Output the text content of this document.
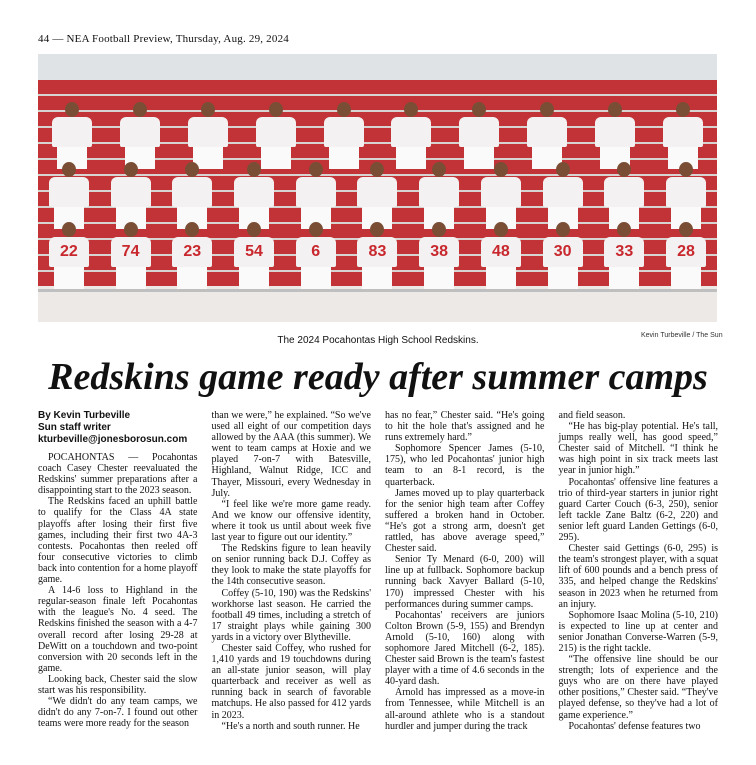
44 — NEA Football Preview, Thursday, Aug. 29, 2024
22	74	23	54	6	83	38	48	30	33	28
Kevin Turbeville / The Sun
The 2024 Pocahontas High School Redskins.
Redskins game ready after summer camps
By Kevin Turbeville
Sun staff writer
kturbeville@jonesborosun.com

POCAHONTAS — Pocahontas coach Casey Chester reevaluated the Redskins' summer preparations after a disappointing start to the 2023 season.

The Redskins faced an uphill battle to qualify for the Class 4A state playoffs after losing their first five games, including their first two 4A-3 contests. Pocahontas then reeled off four consecutive victories to climb back into contention for a home playoff game.

A 14-6 loss to Highland in the regular-season finale left Pocahontas with the league's No. 4 seed. The Redskins finished the season with a 4-7 overall record after losing 29-28 at DeWitt on a touchdown and two-point conversion with 20 seconds left in the game.

Looking back, Chester said the slow start was his responsibility.

“We didn't do any team camps, we didn't do any 7-on-7. I found out other teams were more ready for the season

than we were,” he explained. “So we've used all eight of our competition days allowed by the AAA (this summer). We went to team camps at Hoxie and we played 7-on-7 with Batesville, Highland, Walnut Ridge, ICC and Thayer, Missouri, every Wednesday in July.

“I feel like we're more game ready. And we know our offensive identity, where it took us until about week five last year to figure out our identity.”

The Redskins figure to lean heavily on senior running back D.J. Coffey as they look to make the state playoffs for the 14th consecutive season.

Coffey (5-10, 190) was the Redskins' workhorse last season. He carried the football 49 times, including a stretch of 17 straight plays while gaining 300 yards in a victory over Blytheville.

Chester said Coffey, who rushed for 1,410 yards and 19 touchdowns during an all-state junior season, will play quarterback and receiver as well as running back in search of favorable matchups. He also passed for 412 yards in 2023.

“He's a north and south runner. He

has no fear,” Chester said. “He's going to hit the hole that's assigned and he runs extremely hard.”

Sophomore Spencer James (5-10, 175), who led Pocahontas' junior high team to an 8-1 record, is the quarterback.

James moved up to play quarterback for the senior high team after Coffey suffered a broken hand in October. “He's got a strong arm, doesn't get rattled, has above average speed,” Chester said.

Senior Ty Menard (6-0, 200) will line up at fullback. Sophomore backup running back Xavyer Ballard (5-10, 170) impressed Chester with his performances during summer camps.

Pocahontas' receivers are juniors Colton Brown (5-9, 155) and Brendyn Arnold (5-10, 160) along with sophomore Jared Mitchell (6-2, 185). Chester said Brown is the team's fastest player with a time of 4.6 seconds in the 40-yard dash.

Arnold has impressed as a move-in from Tennessee, while Mitchell is an all-around athlete who is a standout hurdler and jumper during the track

and field season.

“He has big-play potential. He's tall, jumps really well, has good speed,” Chester said of Mitchell. “I think he was high point in six track meets last year in junior high.”

Pocahontas' offensive line features a trio of third-year starters in junior right guard Carter Couch (6-3, 250), senior left tackle Zane Baltz (6-2, 220) and senior left guard Landen Gettings (6-0, 295).

Chester said Gettings (6-0, 295) is the team's strongest player, with a squat lift of 600 pounds and a bench press of 335, and helped change the Redskins' season in 2023 when he returned from an injury.

Sophomore Isaac Molina (5-10, 210) is expected to line up at center and senior Jonathan Converse-Warren (5-9, 215) is the right tackle.

“The offensive line should be our strength; lots of experience and the guys who are on there have played other positions,” Chester said. “They've played defense, so they've had a lot of game experience.”

Pocahontas' defense features two
